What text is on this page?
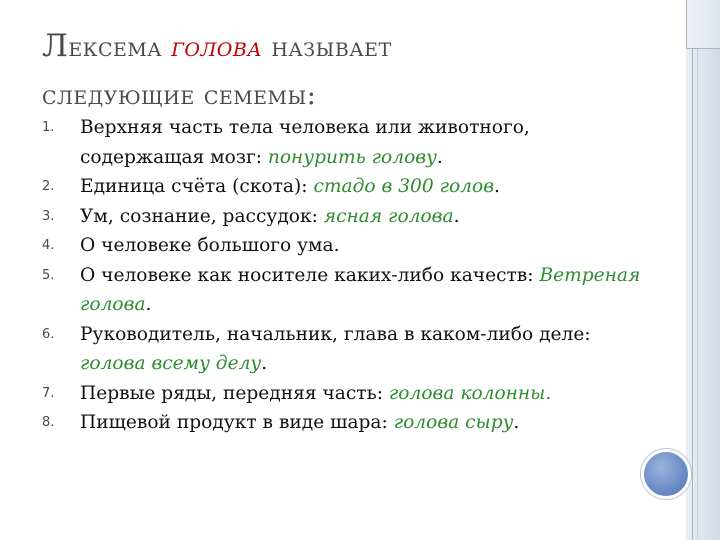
Лексема голова называет
следующие семемы:
1.	Верхняя часть тела человека или животного, содержащая мозг: понурить голову.
2.	Единица счёта (скота): стадо в 300 голов.
3.	Ум, сознание, рассудок: ясная голова.
4.	О человеке большого ума.
5.	О человеке как носителе каких-либо качеств: Ветреная голова.
6.	Руководитель, начальник, глава в каком-либо деле: голова всему делу.
7.	Первые ряды, передняя часть: голова колонны.
8.	Пищевой продукт в виде шара: голова сыру.
